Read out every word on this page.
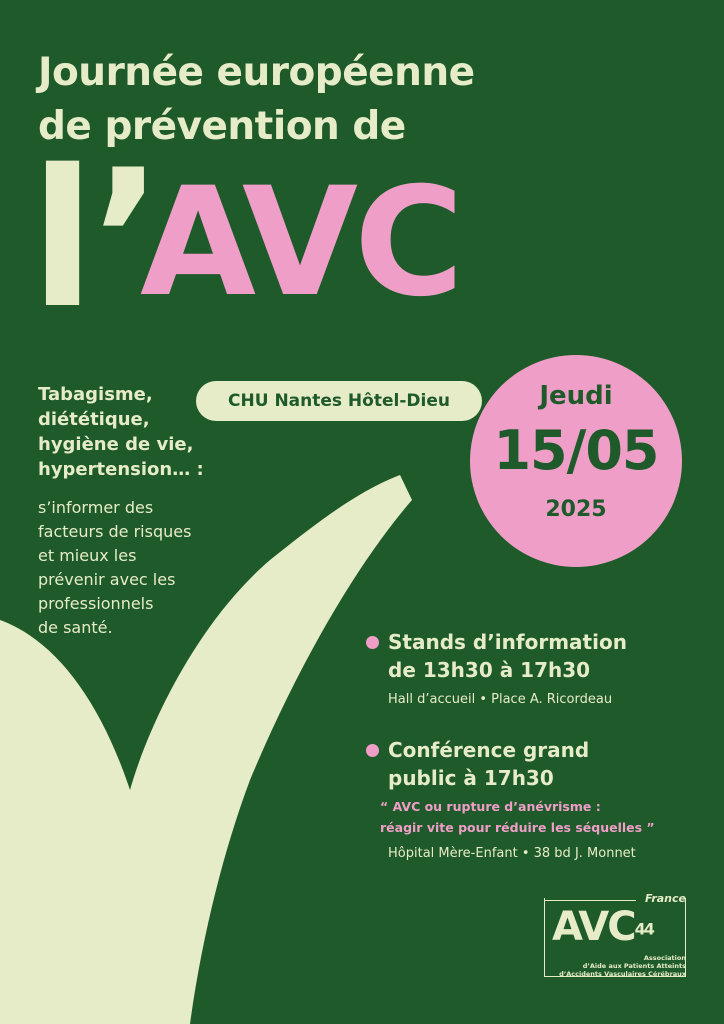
Journée européenne
de prévention de
l’
AVC
Tabagisme,
diététique,
hygiène de vie,
hypertension… :
s’informer des
facteurs de risques
et mieux les
prévenir avec les
professionnels
de santé.
CHU Nantes Hôtel-Dieu	Jeudi
15/05
2025
Stands d’information
de 13h30 à 17h30
Hall d’accueil • Place A. Ricordeau
Conférence grand
public à 17h30
“ AVC ou rupture d’anévrisme :
réagir vite pour réduire les séquelles ”
Hôpital Mère-Enfant • 38 bd J. Monnet
France
AVC44
Association
d’Aide aux Patients Atteints
d’Accidents Vasculaires Cérébraux
